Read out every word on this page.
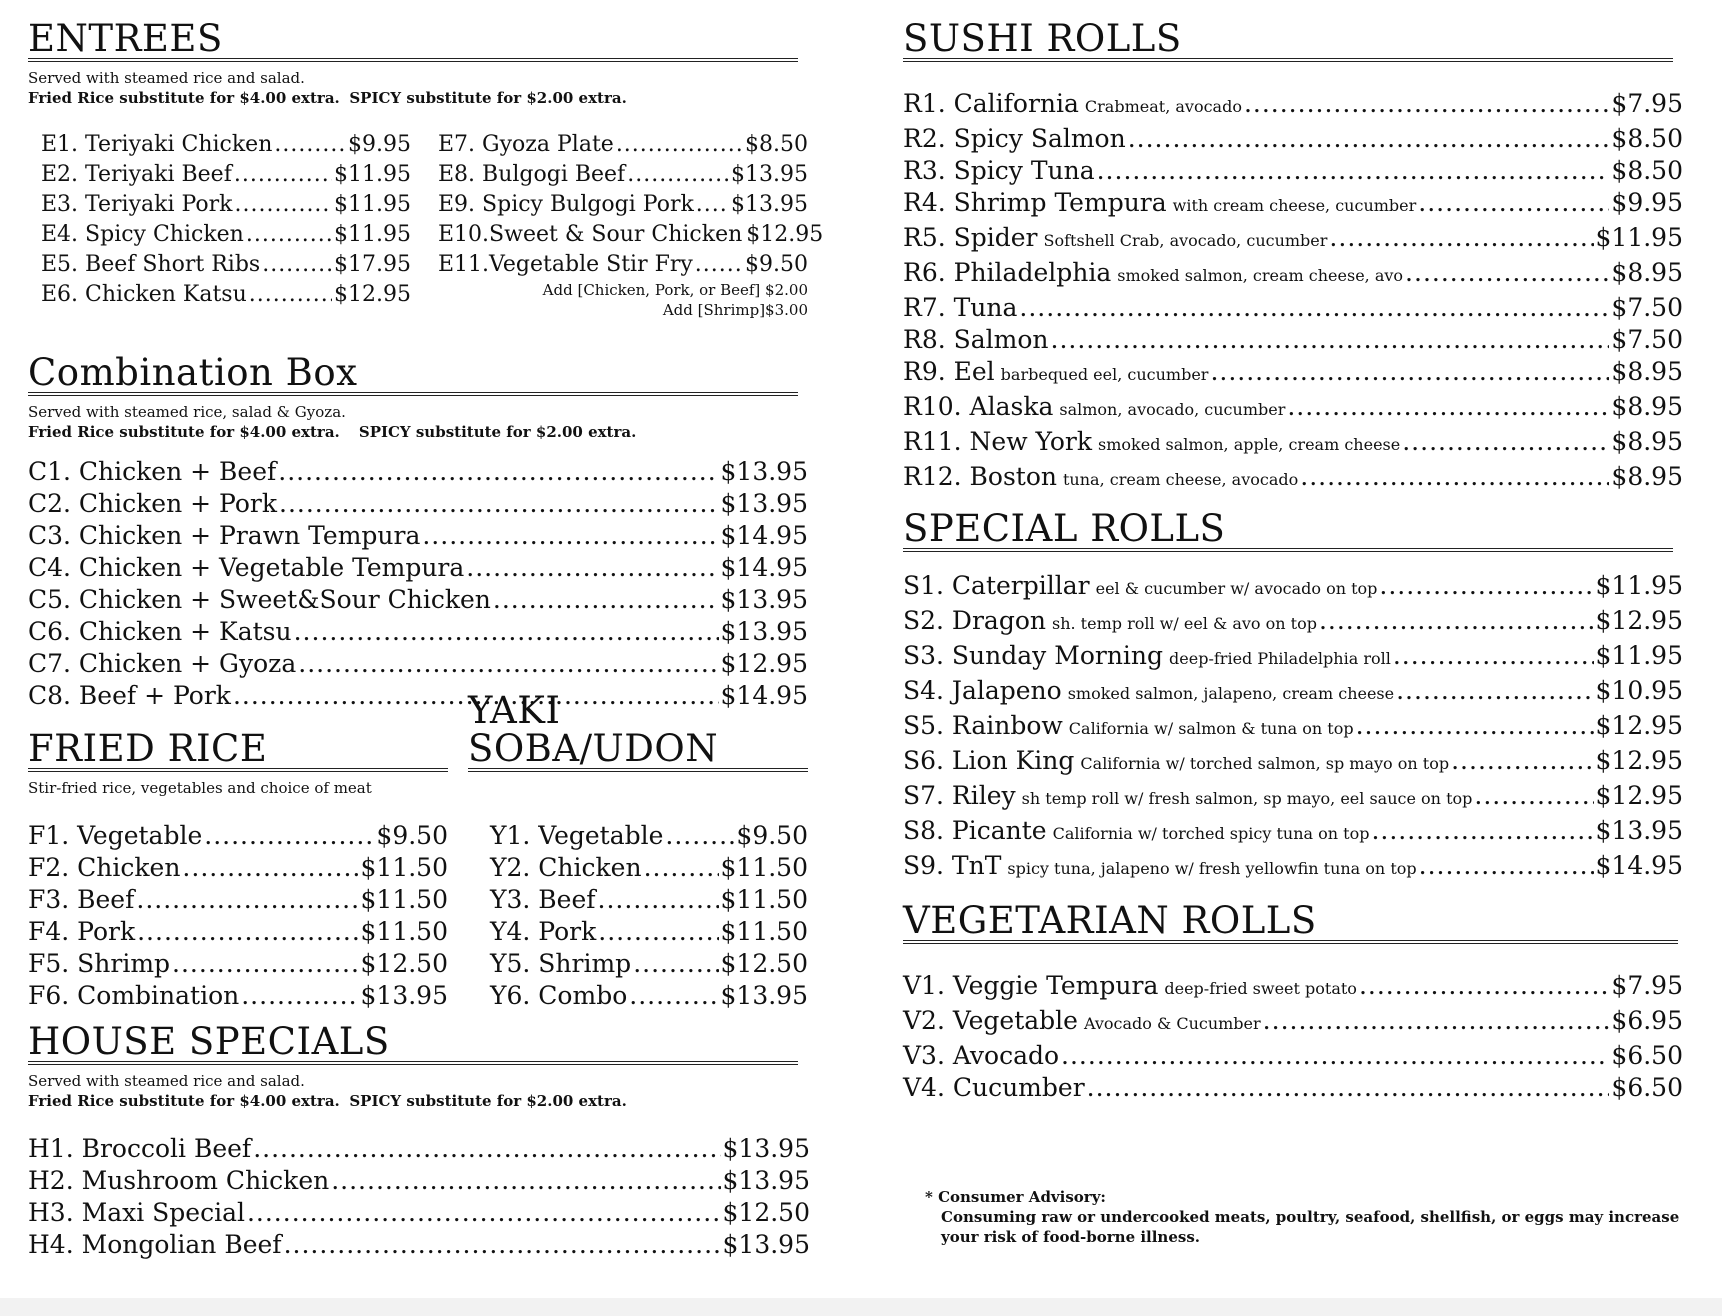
ENTREES
Served with steamed rice and salad.
Fried Rice substitute for $4.00 extra. SPICY substitute for $2.00 extra.
E1. Teriyaki Chicken .....	$9.95
E2. Teriyaki Beef .....	$11.95
E3. Teriyaki Pork .....	$11.95
E4. Spicy Chicken .....	$11.95
E5. Beef Short Ribs .....	$17.95
E6. Chicken Katsu .....	$12.95
E7. Gyoza Plate .....	$8.50
E8. Bulgogi Beef .....	$13.95
E9. Spicy Bulgogi Pork ..... $13.95
E10.Sweet & Sour Chicken $12.95
E11.Vegetable Stir Fry ..... $9.50
Add [Chicken, Pork, or Beef] $2.00
Add [Shrimp]$3.00
Combination Box
Served with steamed rice, salad & Gyoza.
Fried Rice substitute for $4.00 extra. SPICY substitute for $2.00 extra.
C1. Chicken + Beef .....	$13.95
C2. Chicken + Pork .....	$13.95
C3. Chicken + Prawn Tempura .....	$14.95
C4. Chicken + Vegetable Tempura .....	$14.95
C5. Chicken + Sweet&Sour Chicken .....	$13.95
C6. Chicken + Katsu .....	$13.95
C7. Chicken + Gyoza .....	$12.95
C8. Beef + Pork .....	$14.95
FRIED RICE
Stir-fried rice, vegetables and choice of meat
F1. Vegetable .....	$9.50
F2. Chicken .....	$11.50
F3. Beef .....	$11.50
F4. Pork .....	$11.50
F5. Shrimp .....	$12.50
F6. Combination .....	$13.95
YAKI SOBA/UDON
Y1. Vegetable .....	$9.50
Y2. Chicken .....	$11.50
Y3. Beef .....	$11.50
Y4. Pork .....	$11.50
Y5. Shrimp .....	$12.50
Y6. Combo .....	$13.95
HOUSE SPECIALS
Served with steamed rice and salad.
Fried Rice substitute for $4.00 extra. SPICY substitute for $2.00 extra.
H1. Broccoli Beef .....	$13.95
H2. Mushroom Chicken .....	$13.95
H3. Maxi Special .....	$12.50
H4. Mongolian Beef .....	$13.95
SUSHI ROLLS
R1. California Crabmeat, avocado .....	$7.95
R2. Spicy Salmon .....	$8.50
R3. Spicy Tuna .....	$8.50
R4. Shrimp Tempura with cream cheese, cucumber .....	$9.95
R5. Spider Softshell Crab, avocado, cucumber .....	$11.95
R6. Philadelphia smoked salmon, cream cheese, avo .....	$8.95
R7. Tuna .....	$7.50
R8. Salmon .....	$7.50
R9. Eel barbequed eel, cucumber .....	$8.95
R10. Alaska salmon, avocado, cucumber .....	$8.95
R11. New York smoked salmon, apple, cream cheese .....	$8.95
R12. Boston tuna, cream cheese, avocado .....	$8.95
SPECIAL ROLLS
S1. Caterpillar eel & cucumber w/ avocado on top .....	$11.95
S2. Dragon sh. temp roll w/ eel & avo on top .....	$12.95
S3. Sunday Morning deep-fried Philadelphia roll .....	$11.95
S4. Jalapeno smoked salmon, jalapeno, cream cheese .....	$10.95
S5. Rainbow California w/ salmon & tuna on top .....	$12.95
S6. Lion King California w/ torched salmon, sp mayo on top .....	$12.95
S7. Riley sh temp roll w/ fresh salmon, sp mayo, eel sauce on top .....	$12.95
S8. Picante California w/ torched spicy tuna on top .....	$13.95
S9. TnT spicy tuna, jalapeno w/ fresh yellowfin tuna on top .....	$14.95
VEGETARIAN ROLLS
V1. Veggie Tempura deep-fried sweet potato .....	$7.95
V2. Vegetable Avocado & Cucumber .....	$6.95
V3. Avocado .....	$6.50
V4. Cucumber .....	$6.50
* Consumer Advisory:
Consuming raw or undercooked meats, poultry, seafood, shellfish, or eggs may increase your risk of food-borne illness.
